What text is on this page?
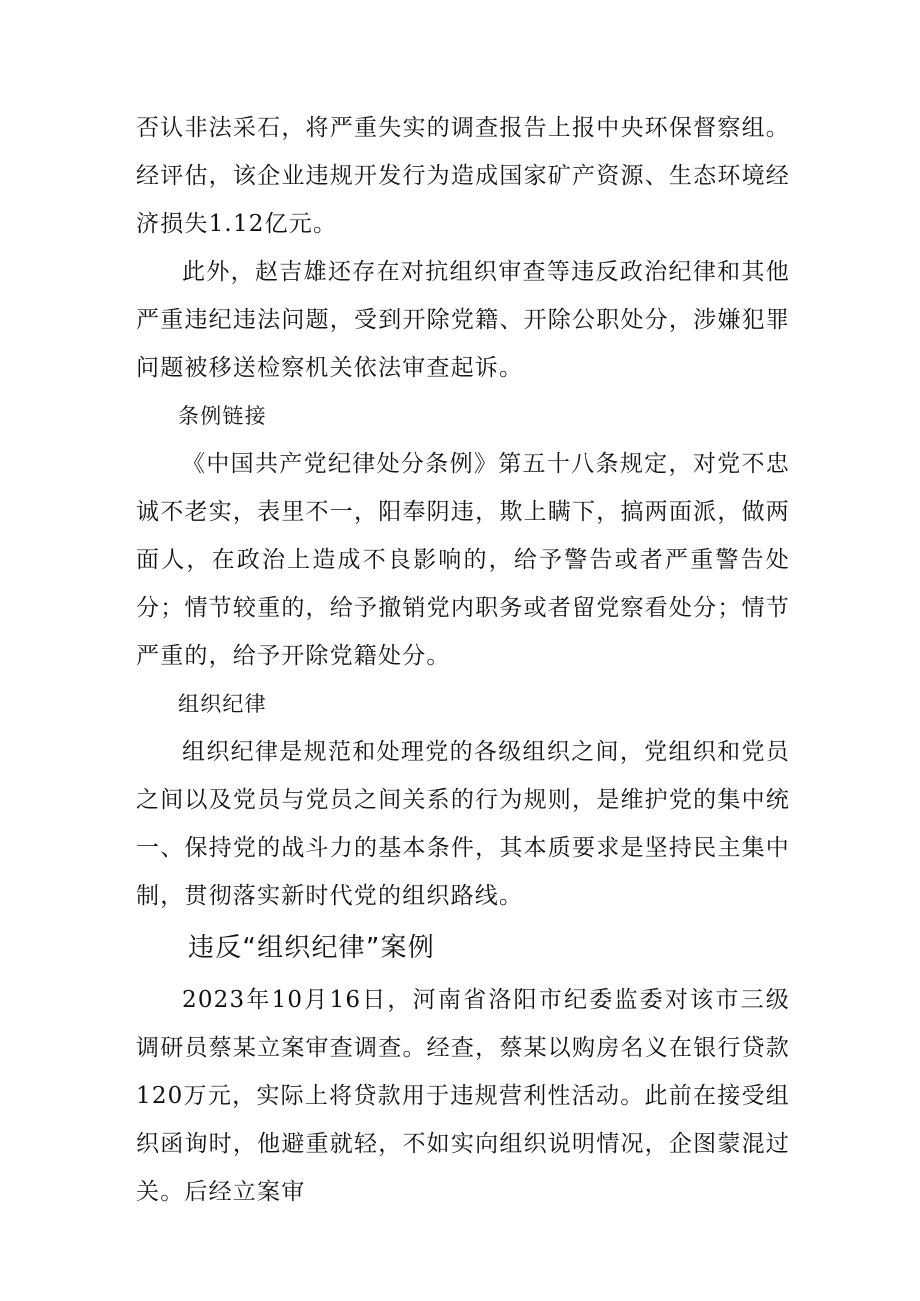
否认非法采石，将严重失实的调查报告上报中央环保督察组。经评估，该企业违规开发行为造成国家矿产资源、生态环境经济损失1.12亿元。

此外，赵吉雄还存在对抗组织审查等违反政治纪律和其他严重违纪违法问题，受到开除党籍、开除公职处分，涉嫌犯罪问题被移送检察机关依法审查起诉。

条例链接

《中国共产党纪律处分条例》第五十八条规定，对党不忠诚不老实，表里不一，阳奉阴违，欺上瞒下，搞两面派，做两面人，在政治上造成不良影响的，给予警告或者严重警告处分；情节较重的，给予撤销党内职务或者留党察看处分；情节严重的，给予开除党籍处分。

组织纪律

组织纪律是规范和处理党的各级组织之间，党组织和党员之间以及党员与党员之间关系的行为规则，是维护党的集中统一、保持党的战斗力的基本条件，其本质要求是坚持民主集中制，贯彻落实新时代党的组织路线。

违反“组织纪律”案例

2023年10月16日，河南省洛阳市纪委监委对该市三级调研员蔡某立案审查调查。经查，蔡某以购房名义在银行贷款120万元，实际上将贷款用于违规营利性活动。此前在接受组织函询时，他避重就轻，不如实向组织说明情况，企图蒙混过关。后经立案审
